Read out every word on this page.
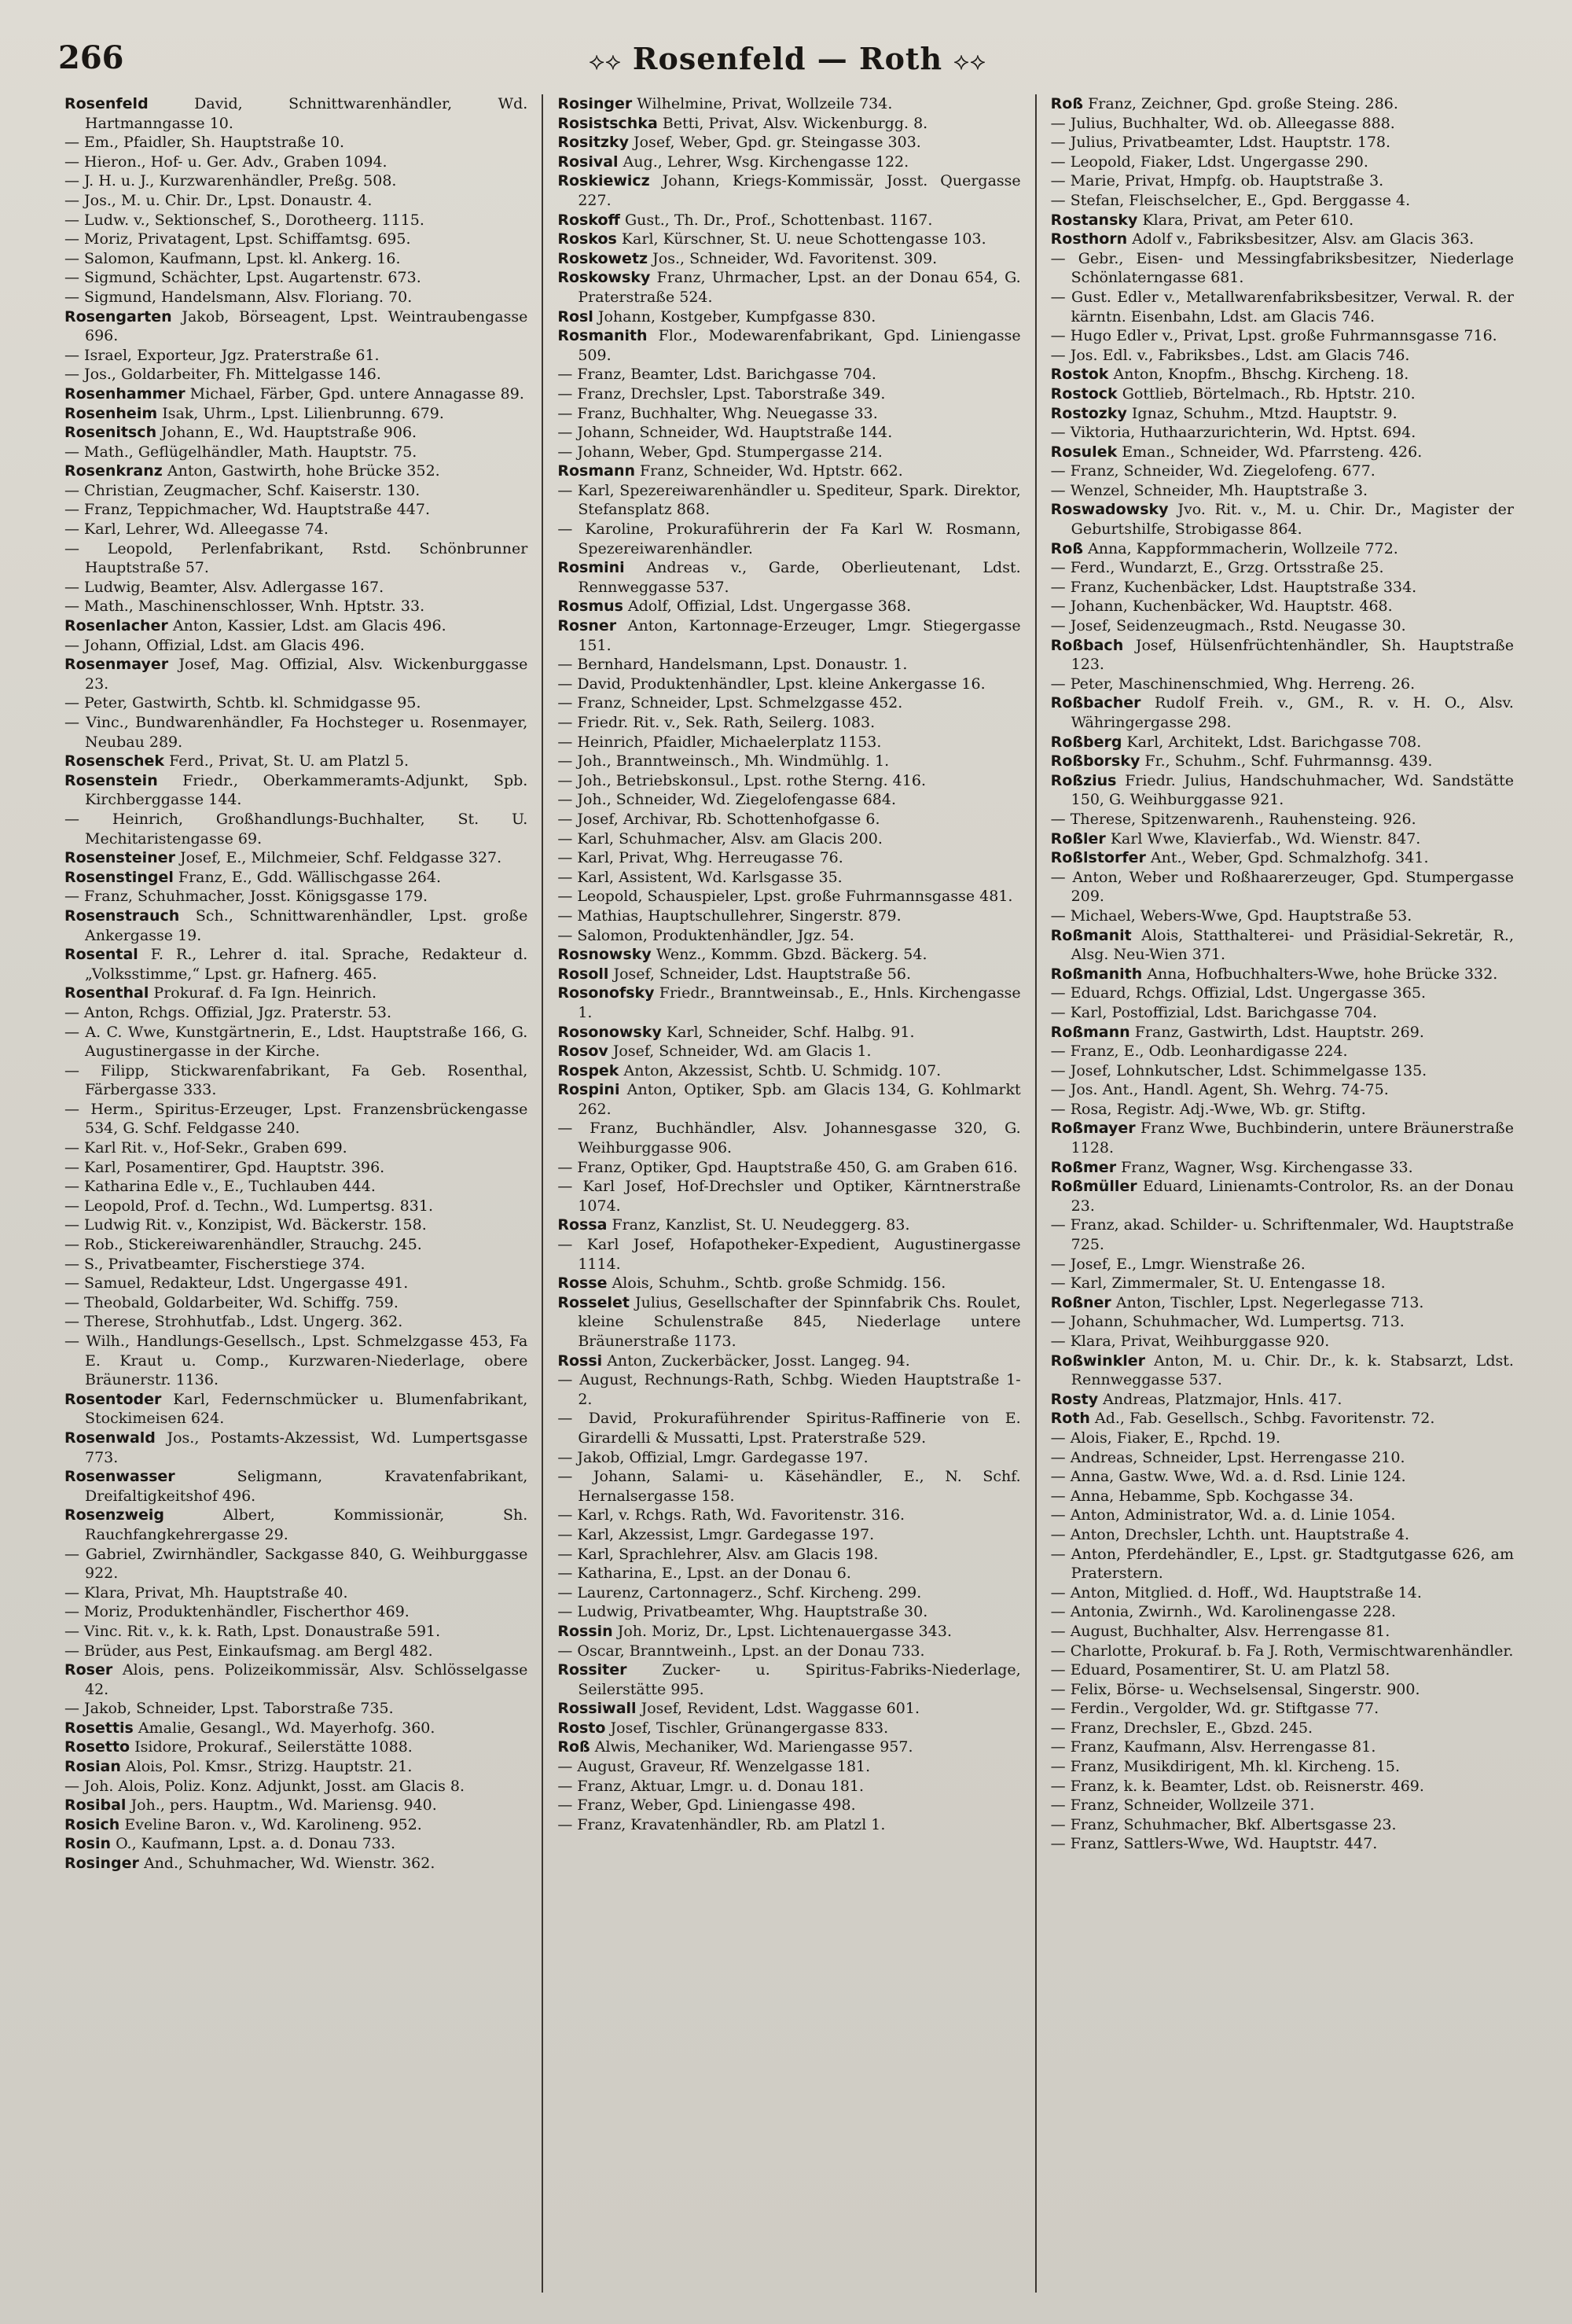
266	⟡⟡ Rosenfeld — Roth ⟡⟡

Rosenfeld	David, Schnittwarenhändler, Wd. Hartmanngasse 10.

— Em., Pfaidler, Sh. Hauptstraße 10.

— Hieron., Hof- u. Ger. Adv., Graben 1094.

— J. H. u. J., Kurzwarenhändler, Preßg. 508.

— Jos., M. u. Chir. Dr., Lpst. Donaustr. 4.

— Ludw. v., Sektionschef, S., Dorotheerg. 1115.

— Moriz, Privatagent, Lpst. Schiffamtsg. 695.

— Salomon, Kaufmann, Lpst. kl. Ankerg. 16.

— Sigmund, Schächter, Lpst. Augartenstr. 673.

— Sigmund, Handelsmann, Alsv. Floriang. 70.

Rosengarten Jakob, Börseagent, Lpst. Weintraubengasse 696.

— Israel, Exporteur, Jgz. Praterstraße 61.

— Jos., Goldarbeiter, Fh. Mittelgasse 146.

Rosenhammer Michael, Färber, Gpd. untere Annagasse 89.

Rosenheim Isak, Uhrm., Lpst. Lilienbrunng. 679.

Rosenitsch Johann, E., Wd. Hauptstraße 906.

— Math., Geflügelhändler, Math. Hauptstr. 75.

Rosenkranz Anton, Gastwirth, hohe Brücke 352.

— Christian, Zeugmacher, Schf. Kaiserstr. 130.

— Franz, Teppichmacher, Wd. Hauptstraße 447.

— Karl, Lehrer, Wd. Alleegasse 74.

— Leopold, Perlenfabrikant, Rstd. Schönbrunner Hauptstraße 57.

— Ludwig, Beamter, Alsv. Adlergasse 167.

— Math., Maschinenschlosser, Wnh. Hptstr. 33.

Rosenlacher Anton, Kassier, Ldst. am Glacis 496.

— Johann, Offizial, Ldst. am Glacis 496.

Rosenmayer Josef, Mag. Offizial, Alsv. Wickenburggasse 23.

— Peter, Gastwirth, Schtb. kl. Schmidgasse 95.

— Vinc., Bundwarenhändler, Fa Hochsteger u. Rosenmayer, Neubau 289.

Rosenschek Ferd., Privat, St. U. am Platzl 5.

Rosenstein Friedr., Oberkammeramts-Adjunkt, Spb. Kirchberggasse 144.

— Heinrich, Großhandlungs-Buchhalter, St. U. Mechitaristengasse 69.

Rosensteiner Josef, E., Milchmeier, Schf. Feldgasse 327.

Rosenstingel Franz, E., Gdd. Wällischgasse 264.

— Franz, Schuhmacher, Josst. Königsgasse 179.

Rosenstrauch Sch., Schnittwarenhändler, Lpst. große Ankergasse 19.

Rosental F. R., Lehrer d. ital. Sprache, Redakteur d. „Volksstimme,“ Lpst. gr. Hafnerg. 465.

Rosenthal Prokuraf. d. Fa Ign. Heinrich.

— Anton, Rchgs. Offizial, Jgz. Praterstr. 53.

— A. C. Wwe, Kunstgärtnerin, E., Ldst. Hauptstraße 166, G. Augustinergasse in der Kirche.

— Filipp, Stickwarenfabrikant, Fa Geb. Rosenthal, Färbergasse 333.

— Herm., Spiritus-Erzeuger, Lpst. Franzensbrückengasse 534, G. Schf. Feldgasse 240.

— Karl Rit. v., Hof-Sekr., Graben 699.

— Karl, Posamentirer, Gpd. Hauptstr. 396.

— Katharina Edle v., E., Tuchlauben 444.

— Leopold, Prof. d. Techn., Wd. Lumpertsg. 831.

— Ludwig Rit. v., Konzipist, Wd. Bäckerstr. 158.

— Rob., Stickereiwarenhändler, Strauchg. 245.

— S., Privatbeamter, Fischerstiege 374.

— Samuel, Redakteur, Ldst. Ungergasse 491.

— Theobald, Goldarbeiter, Wd. Schiffg. 759.

— Therese, Strohhutfab., Ldst. Ungerg. 362.

— Wilh., Handlungs-Gesellsch., Lpst. Schmelzgasse 453, Fa E. Kraut u. Comp., Kurzwaren-Niederlage, obere Bräunerstr. 1136.

Rosentoder Karl, Federnschmücker u. Blumenfabrikant, Stockimeisen 624.

Rosenwald Jos., Postamts-Akzessist, Wd. Lumpertsgasse 773.

Rosenwasser	Seligmann, Kravatenfabrikant, Dreifaltigkeitshof 496.

Rosenzweig	Albert, Kommissionär, Sh. Rauchfangkehrergasse 29.

— Gabriel, Zwirnhändler, Sackgasse 840, G. Weihburggasse 922.

— Klara, Privat, Mh. Hauptstraße 40.

— Moriz, Produktenhändler, Fischerthor 469.

— Vinc. Rit. v., k. k. Rath, Lpst. Donaustraße 591.

— Brüder, aus Pest, Einkaufsmag. am Bergl 482.

Roser Alois, pens. Polizeikommissär, Alsv. Schlösselgasse 42.

— Jakob, Schneider, Lpst. Taborstraße 735.

Rosettis Amalie, Gesangl., Wd. Mayerhofg. 360.

Rosetto Isidore, Prokuraf., Seilerstätte 1088.

Rosian Alois, Pol. Kmsr., Strizg. Hauptstr. 21.

— Joh. Alois, Poliz. Konz. Adjunkt, Josst. am Glacis 8.

Rosibal Joh., pers. Hauptm., Wd. Mariensg. 940.

Rosich Eveline Baron. v., Wd. Karolineng. 952.

Rosin O., Kaufmann, Lpst. a. d. Donau 733.

Rosinger And., Schuhmacher, Wd. Wienstr. 362.

Rosinger Wilhelmine, Privat, Wollzeile 734.

Rosistschka Betti, Privat, Alsv. Wickenburgg. 8.

Rositzky Josef, Weber, Gpd. gr. Steingasse 303.

Rosival Aug., Lehrer, Wsg. Kirchengasse 122.

Roskiewicz Johann, Kriegs-Kommissär, Josst. Quergasse 227.

Roskoff Gust., Th. Dr., Prof., Schottenbast. 1167.

Roskos Karl, Kürschner, St. U. neue Schottengasse 103.

Roskowetz Jos., Schneider, Wd. Favoritenst. 309.

Roskowsky Franz, Uhrmacher, Lpst. an der Donau 654, G. Praterstraße 524.

Rosl Johann, Kostgeber, Kumpfgasse 830.

Rosmanith Flor., Modewarenfabrikant, Gpd. Liniengasse 509.

— Franz, Beamter, Ldst. Barichgasse 704.

— Franz, Drechsler, Lpst. Taborstraße 349.

— Franz, Buchhalter, Whg. Neuegasse 33.

— Johann, Schneider, Wd. Hauptstraße 144.

— Johann, Weber, Gpd. Stumpergasse 214.

Rosmann Franz, Schneider, Wd. Hptstr. 662.

— Karl, Spezereiwarenhändler u. Spediteur, Spark. Direktor, Stefansplatz 868.

— Karoline, Prokuraführerin der Fa Karl W. Rosmann, Spezereiwarenhändler.

Rosmini Andreas v., Garde, Oberlieutenant, Ldst. Rennweggasse 537.

Rosmus Adolf, Offizial, Ldst. Ungergasse 368.

Rosner Anton, Kartonnage-Erzeuger, Lmgr. Stiegergasse 151.

— Bernhard, Handelsmann, Lpst. Donaustr. 1.

— David, Produktenhändler, Lpst. kleine Ankergasse 16.

— Franz, Schneider, Lpst. Schmelzgasse 452.

— Friedr. Rit. v., Sek. Rath, Seilerg. 1083.

— Heinrich, Pfaidler, Michaelerplatz 1153.

— Joh., Branntweinsch., Mh. Windmühlg. 1.

— Joh., Betriebskonsul., Lpst. rothe Sterng. 416.

— Joh., Schneider, Wd. Ziegelofengasse 684.

— Josef, Archivar, Rb. Schottenhofgasse 6.

— Karl, Schuhmacher, Alsv. am Glacis 200.

— Karl, Privat, Whg. Herreugasse 76.

— Karl, Assistent, Wd. Karlsgasse 35.

— Leopold, Schauspieler, Lpst. große Fuhrmannsgasse 481.

— Mathias, Hauptschullehrer, Singerstr. 879.

— Salomon, Produktenhändler, Jgz. 54.

Rosnowsky Wenz., Kommm. Gbzd. Bäckerg. 54.

Rosoll Josef, Schneider, Ldst. Hauptstraße 56.

Rosonofsky Friedr., Branntweinsab., E., Hnls. Kirchengasse 1.

Rosonowsky Karl, Schneider, Schf. Halbg. 91.

Rosov Josef, Schneider, Wd. am Glacis 1.

Rospek Anton, Akzessist, Schtb. U. Schmidg. 107.

Rospini Anton, Optiker, Spb. am Glacis 134, G. Kohlmarkt 262.

— Franz, Buchhändler, Alsv. Johannesgasse 320, G. Weihburggasse 906.

— Franz, Optiker, Gpd. Hauptstraße 450, G. am Graben 616.

— Karl Josef, Hof-Drechsler und Optiker, Kärntnerstraße 1074.

Rossa Franz, Kanzlist, St. U. Neudeggerg. 83.

— Karl Josef, Hofapotheker-Expedient, Augustinergasse 1114.

Rosse Alois, Schuhm., Schtb. große Schmidg. 156.

Rosselet Julius, Gesellschafter der Spinnfabrik Chs. Roulet, kleine Schulenstraße 845, Niederlage untere Bräunerstraße 1173.

Rossi Anton, Zuckerbäcker, Josst. Langeg. 94.

— August, Rechnungs-Rath, Schbg. Wieden Hauptstraße 1-2.

— David, Prokuraführender Spiritus-Raffinerie von E. Girardelli & Mussatti, Lpst. Praterstraße 529.

— Jakob, Offizial, Lmgr. Gardegasse 197.

— Johann, Salami- u. Käsehändler, E., N. Schf. Hernalsergasse 158.

— Karl, v. Rchgs. Rath, Wd. Favoritenstr. 316.

— Karl, Akzessist, Lmgr. Gardegasse 197.

— Karl, Sprachlehrer, Alsv. am Glacis 198.

— Katharina, E., Lpst. an der Donau 6.

— Laurenz, Cartonnagerz., Schf. Kircheng. 299.

— Ludwig, Privatbeamter, Whg. Hauptstraße 30.

Rossin Joh. Moriz, Dr., Lpst. Lichtenauergasse 343.

— Oscar, Branntweinh., Lpst. an der Donau 733.

Rossiter Zucker- u. Spiritus-Fabriks-Niederlage, Seilerstätte 995.

Rossiwall Josef, Revident, Ldst. Waggasse 601.

Rosto Josef, Tischler, Grünangergasse 833.

Roß Alwis, Mechaniker, Wd. Mariengasse 957.

— August, Graveur, Rf. Wenzelgasse 181.

— Franz, Aktuar, Lmgr. u. d. Donau 181.

— Franz, Weber, Gpd. Liniengasse 498.

— Franz, Kravatenhändler, Rb. am Platzl 1.

Roß Franz, Zeichner, Gpd. große Steing. 286.

— Julius, Buchhalter, Wd. ob. Alleegasse 888.

— Julius, Privatbeamter, Ldst. Hauptstr. 178.

— Leopold, Fiaker, Ldst. Ungergasse 290.

— Marie, Privat, Hmpfg. ob. Hauptstraße 3.

— Stefan, Fleischselcher, E., Gpd. Berggasse 4.

Rostansky Klara, Privat, am Peter 610.

Rosthorn Adolf v., Fabriksbesitzer, Alsv. am Glacis 363.

— Gebr., Eisen- und Messingfabriksbesitzer, Niederlage Schönlaterngasse 681.

— Gust. Edler v., Metallwarenfabriksbesitzer, Verwal. R. der kärntn. Eisenbahn, Ldst. am Glacis 746.

— Hugo Edler v., Privat, Lpst. große Fuhrmannsgasse 716.

— Jos. Edl. v., Fabriksbes., Ldst. am Glacis 746.

Rostok Anton, Knopfm., Bhschg. Kircheng. 18.

Rostock Gottlieb, Börtelmach., Rb. Hptstr. 210.

Rostozky Ignaz, Schuhm., Mtzd. Hauptstr. 9.

— Viktoria, Huthaarzurichterin, Wd. Hptst. 694.

Rosulek Eman., Schneider, Wd. Pfarrsteng. 426.

— Franz, Schneider, Wd. Ziegelofeng. 677.

— Wenzel, Schneider, Mh. Hauptstraße 3.

Roswadowsky Jvo. Rit. v., M. u. Chir. Dr., Magister der Geburtshilfe, Strobigasse 864.

Roß Anna, Kappformmacherin, Wollzeile 772.

— Ferd., Wundarzt, E., Grzg. Ortsstraße 25.

— Franz, Kuchenbäcker, Ldst. Hauptstraße 334.

— Johann, Kuchenbäcker, Wd. Hauptstr. 468.

— Josef, Seidenzeugmach., Rstd. Neugasse 30.

Roßbach Josef, Hülsenfrüchtenhändler, Sh. Hauptstraße 123.

— Peter, Maschinenschmied, Whg. Herreng. 26.

Roßbacher Rudolf Freih. v., GM., R. v. H. O., Alsv. Währingergasse 298.

Roßberg Karl, Architekt, Ldst. Barichgasse 708.

Roßborsky Fr., Schuhm., Schf. Fuhrmannsg. 439.

Roßzius Friedr. Julius, Handschuhmacher, Wd. Sandstätte 150, G. Weihburggasse 921.

— Therese, Spitzenwarenh., Rauhensteing. 926.

Roßler Karl Wwe, Klavierfab., Wd. Wienstr. 847.

Roßlstorfer Ant., Weber, Gpd. Schmalzhofg. 341.

— Anton, Weber und Roßhaarerzeuger, Gpd. Stumpergasse 209.

— Michael, Webers-Wwe, Gpd. Hauptstraße 53.

Roßmanit Alois, Statthalterei- und Präsidial-Sekretär, R., Alsg. Neu-Wien 371.

Roßmanith Anna, Hofbuchhalters-Wwe, hohe Brücke 332.

— Eduard, Rchgs. Offizial, Ldst. Ungergasse 365.

— Karl, Postoffizial, Ldst. Barichgasse 704.

Roßmann Franz, Gastwirth, Ldst. Hauptstr. 269.

— Franz, E., Odb. Leonhardigasse 224.

— Josef, Lohnkutscher, Ldst. Schimmelgasse 135.

— Jos. Ant., Handl. Agent, Sh. Wehrg. 74-75.

— Rosa, Registr. Adj.-Wwe, Wb. gr. Stiftg.

Roßmayer Franz Wwe, Buchbinderin, untere Bräunerstraße 1128.

Roßmer Franz, Wagner, Wsg. Kirchengasse 33.

Roßmüller Eduard, Linienamts-Controlor, Rs. an der Donau 23.

— Franz, akad. Schilder- u. Schriftenmaler, Wd. Hauptstraße 725.

— Josef, E., Lmgr. Wienstraße 26.

— Karl, Zimmermaler, St. U. Entengasse 18.

Roßner Anton, Tischler, Lpst. Negerlegasse 713.

— Johann, Schuhmacher, Wd. Lumpertsg. 713.

— Klara, Privat, Weihburggasse 920.

Roßwinkler Anton, M. u. Chir. Dr., k. k. Stabsarzt, Ldst. Rennweggasse 537.

Rosty Andreas, Platzmajor, Hnls. 417.

Roth Ad., Fab. Gesellsch., Schbg. Favoritenstr. 72.

— Alois, Fiaker, E., Rpchd. 19.

— Andreas, Schneider, Lpst. Herrengasse 210.

— Anna, Gastw. Wwe, Wd. a. d. Rsd. Linie 124.

— Anna, Hebamme, Spb. Kochgasse 34.

— Anton, Administrator, Wd. a. d. Linie 1054.

— Anton, Drechsler, Lchth. unt. Hauptstraße 4.

— Anton, Pferdehändler, E., Lpst. gr. Stadtgutgasse 626, am Praterstern.

— Anton, Mitglied. d. Hoff., Wd. Hauptstraße 14.

— Antonia, Zwirnh., Wd. Karolinengasse 228.

— August, Buchhalter, Alsv. Herrengasse 81.

— Charlotte, Prokuraf. b. Fa J. Roth, Vermischtwarenhändler.

— Eduard, Posamentirer, St. U. am Platzl 58.

— Felix, Börse- u. Wechselsensal, Singerstr. 900.

— Ferdin., Vergolder, Wd. gr. Stiftgasse 77.

— Franz, Drechsler, E., Gbzd. 245.

— Franz, Kaufmann, Alsv. Herrengasse 81.

— Franz, Musikdirigent, Mh. kl. Kircheng. 15.

— Franz, k. k. Beamter, Ldst. ob. Reisnerstr. 469.

— Franz, Schneider, Wollzeile 371.

— Franz, Schuhmacher, Bkf. Albertsgasse 23.

— Franz, Sattlers-Wwe, Wd. Hauptstr. 447.
